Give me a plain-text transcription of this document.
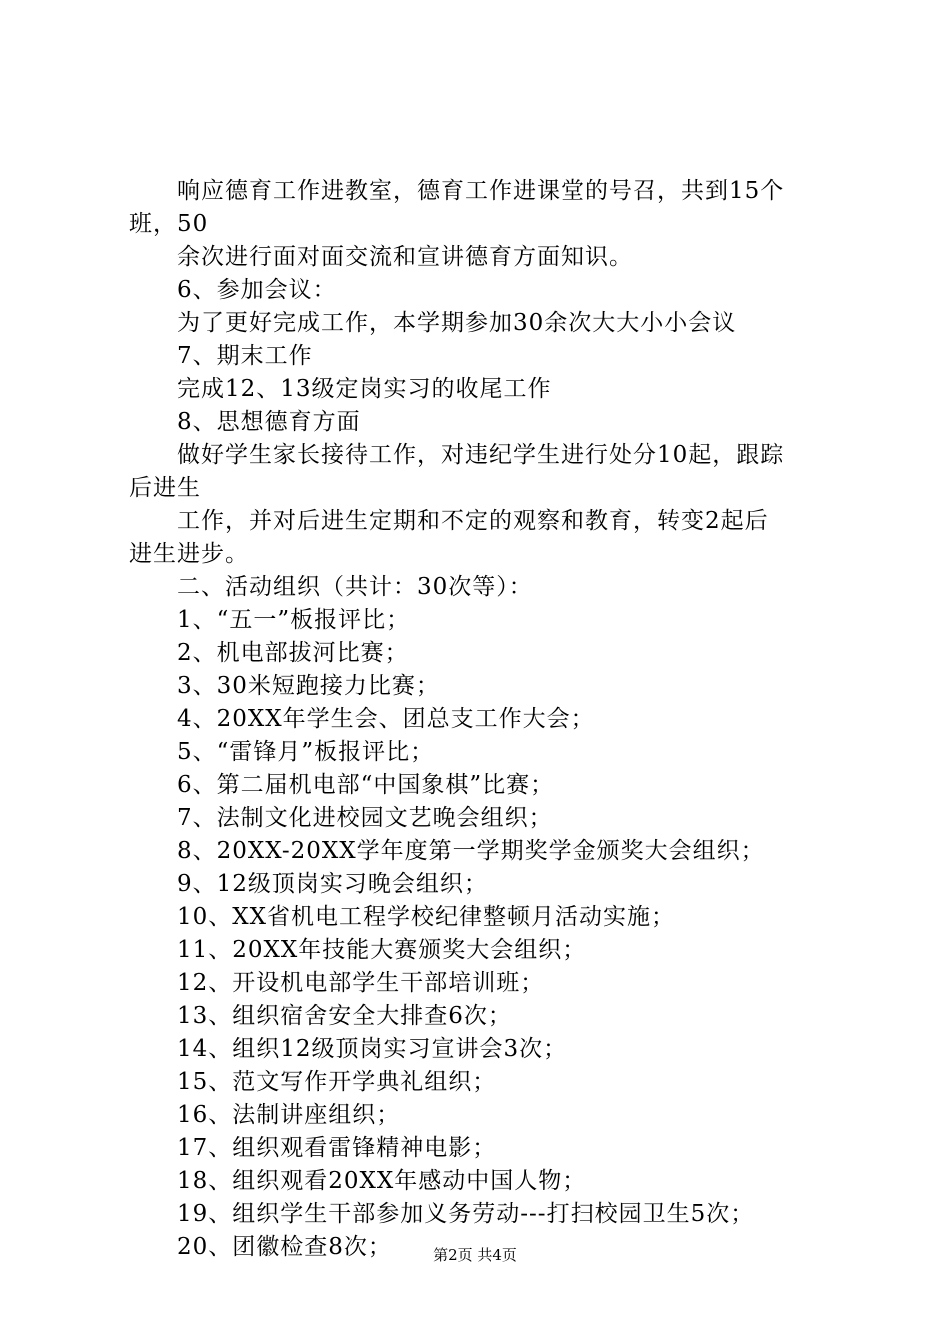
响应德育工作进教室，德育工作进课堂的号召，共到15个
班，50
余次进行面对面交流和宣讲德育方面知识。
6、参加会议：
为了更好完成工作，本学期参加30余次大大小小会议
7、期末工作
完成12、13级定岗实习的收尾工作
8、思想德育方面
做好学生家长接待工作，对违纪学生进行处分10起，跟踪
后进生
工作，并对后进生定期和不定的观察和教育，转变2起后
进生进步。
二、活动组织（共计：30次等）：
1、“五一”板报评比；
2、机电部拔河比赛；
3、30米短跑接力比赛；
4、20XX年学生会、团总支工作大会；
5、“雷锋月”板报评比；
6、第二届机电部“中国象棋”比赛；
7、法制文化进校园文艺晚会组织；
8、20XX-20XX学年度第一学期奖学金颁奖大会组织；
9、12级顶岗实习晚会组织；
10、XX省机电工程学校纪律整顿月活动实施；
11、20XX年技能大赛颁奖大会组织；
12、开设机电部学生干部培训班；
13、组织宿舍安全大排查6次；
14、组织12级顶岗实习宣讲会3次；
15、范文写作开学典礼组织；
16、法制讲座组织；
17、组织观看雷锋精神电影；
18、组织观看20XX年感动中国人物；
19、组织学生干部参加义务劳动---打扫校园卫生5次；
20、团徽检查8次；	第2页 共4页
